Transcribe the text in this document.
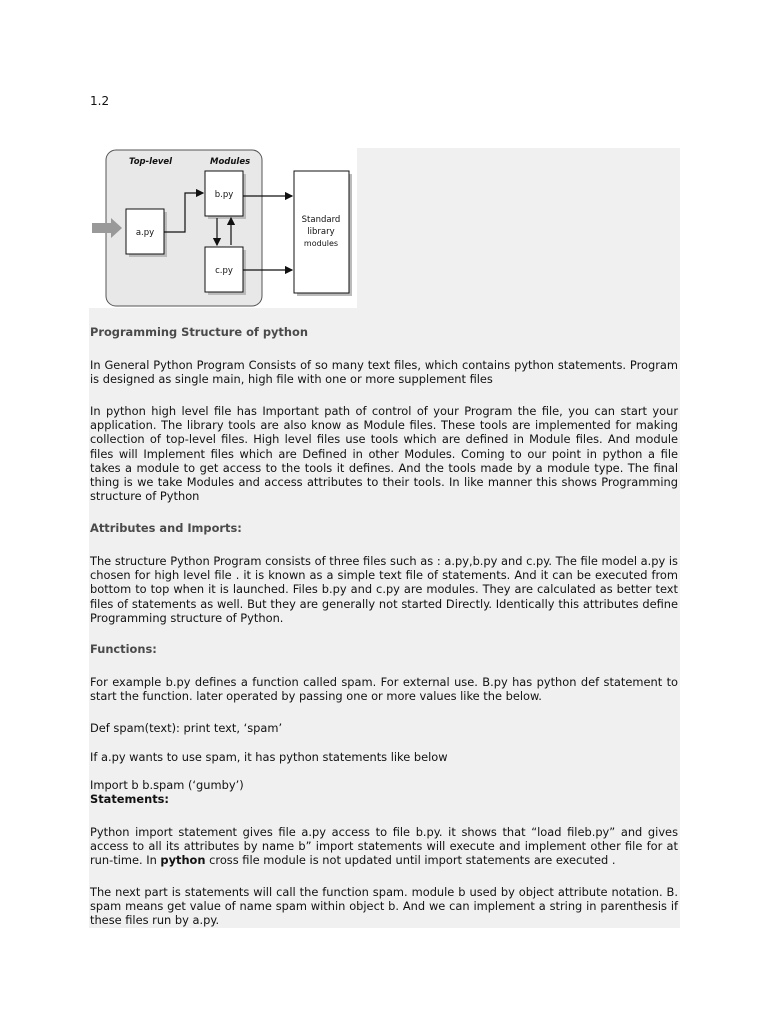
1.2
Top-level	Modules
a.py
b.py
c.py
Standard
library
modules
Programming Structure of python

In General Python Program Consists of so many text files, which contains python statements. Program is designed as single main, high file with one or more supplement files

In python high level file has Important path of control of your Program the file, you can start your application. The library tools are also know as Module files. These tools are implemented for making collection of top-level files. High level files use tools which are defined in Module files. And module files will Implement files which are Defined in other Modules. Coming to our point in python a file takes a module to get access to the tools it defines. And the tools made by a module type. The final thing is we take Modules and access attributes to their tools. In like manner this shows Programming structure of Python

Attributes and Imports:

The structure Python Program consists of three files such as : a.py,b.py and c.py. The file model a.py is chosen for high level file . it is known as a simple text file of statements. And it can be executed from bottom to top when it is launched. Files b.py and c.py are modules. They are calculated as better text files of statements as well. But they are generally not started Directly. Identically this attributes define Programming structure of Python.

Functions:

For example b.py defines a function called spam. For external use. B.py has python def statement to start the function. later operated by passing one or more values like the below.

Def spam(text): print text, ‘spam’

If a.py wants to use spam, it has python statements like below

Import b b.spam (‘gumby’)

Statements:

Python import statement gives file a.py access to file b.py. it shows that “load fileb.py” and gives access to all its attributes by name b” import statements will execute and implement other file for at run-time. In python cross file module is not updated until import statements are executed .

The next part is statements will call the function spam. module b used by object attribute notation. B. spam means get value of name spam within object b. And we can implement a string in parenthesis if these files run by a.py.
